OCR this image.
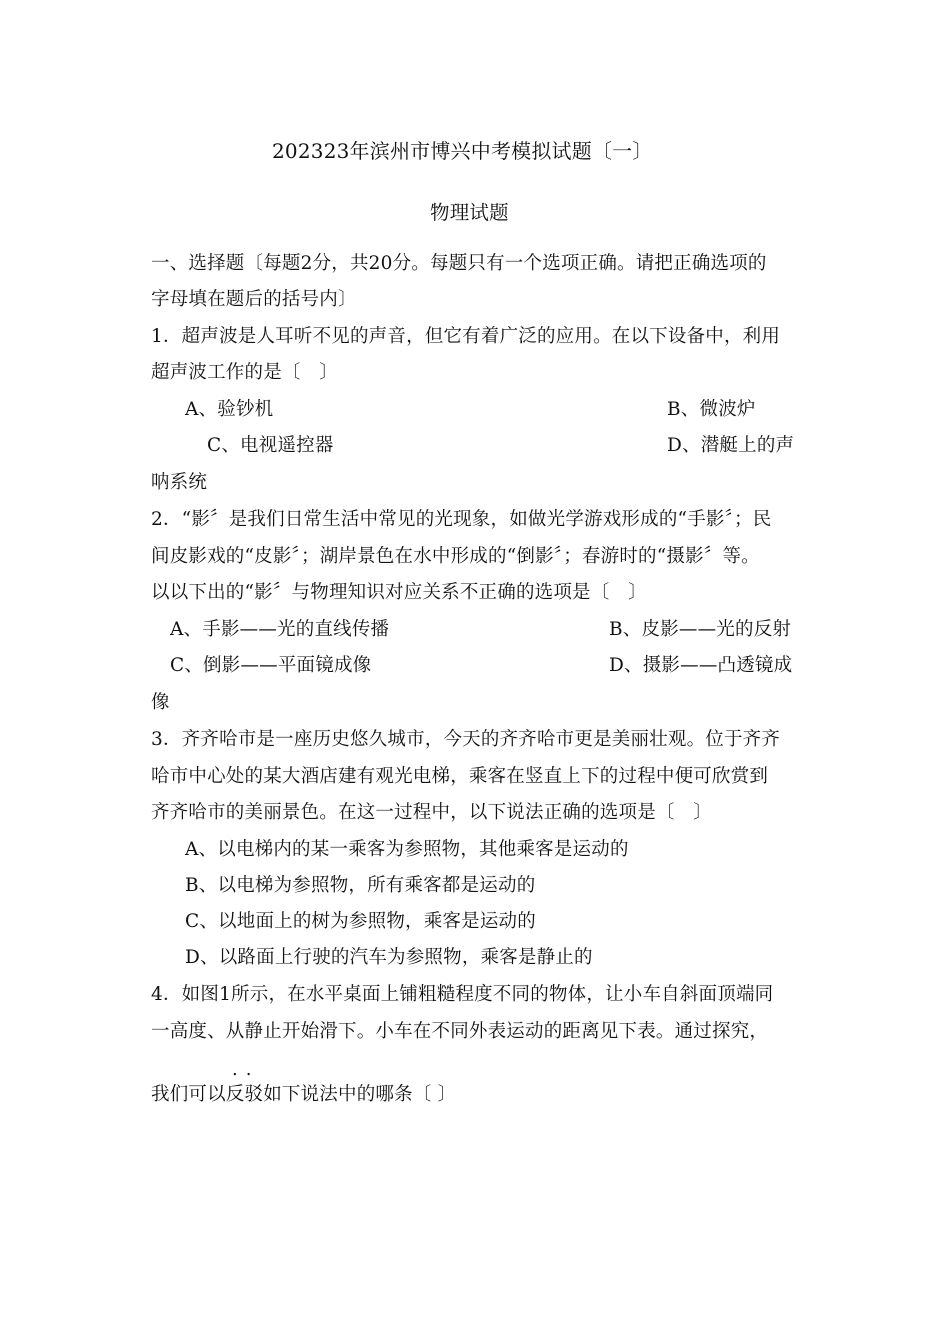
202323年滨州市博兴中考模拟试题〔一〕
物理试题
一、选择题〔每题2分，共20分。每题只有一个选项正确。请把正确选项的
字母填在题后的括号内〕
1．超声波是人耳听不见的声音，但它有着广泛的应用。在以下设备中，利用
超声波工作的是〔　〕
A、验钞机	B、微波炉
C、电视遥控器	D、潜艇上的声
呐系统
2．“影〞是我们日常生活中常见的光现象，如做光学游戏形成的“手影〞；民
间皮影戏的“皮影〞；湖岸景色在水中形成的“倒影〞；春游时的“摄影〞等。
以以下出的“影〞与物理知识对应关系不正确的选项是〔　〕
A、手影——光的直线传播	B、皮影——光的反射
C、倒影——平面镜成像	D、摄影——凸透镜成
像
3．齐齐哈市是一座历史悠久城市，今天的齐齐哈市更是美丽壮观。位于齐齐
哈市中心处的某大酒店建有观光电梯，乘客在竖直上下的过程中便可欣赏到
齐齐哈市的美丽景色。在这一过程中，以下说法正确的选项是〔　〕
A、以电梯内的某一乘客为参照物，其他乘客是运动的
B、以电梯为参照物，所有乘客都是运动的
C、以地面上的树为参照物，乘客是运动的
D、以路面上行驶的汽车为参照物，乘客是静止的
4．如图1所示，在水平桌面上铺粗糙程度不同的物体，让小车自斜面顶端同
一高度、从静止开始滑下。小车在不同外表运动的距离见下表。通过探究，
..
我们可以反驳如下说法中的哪条〔 〕
